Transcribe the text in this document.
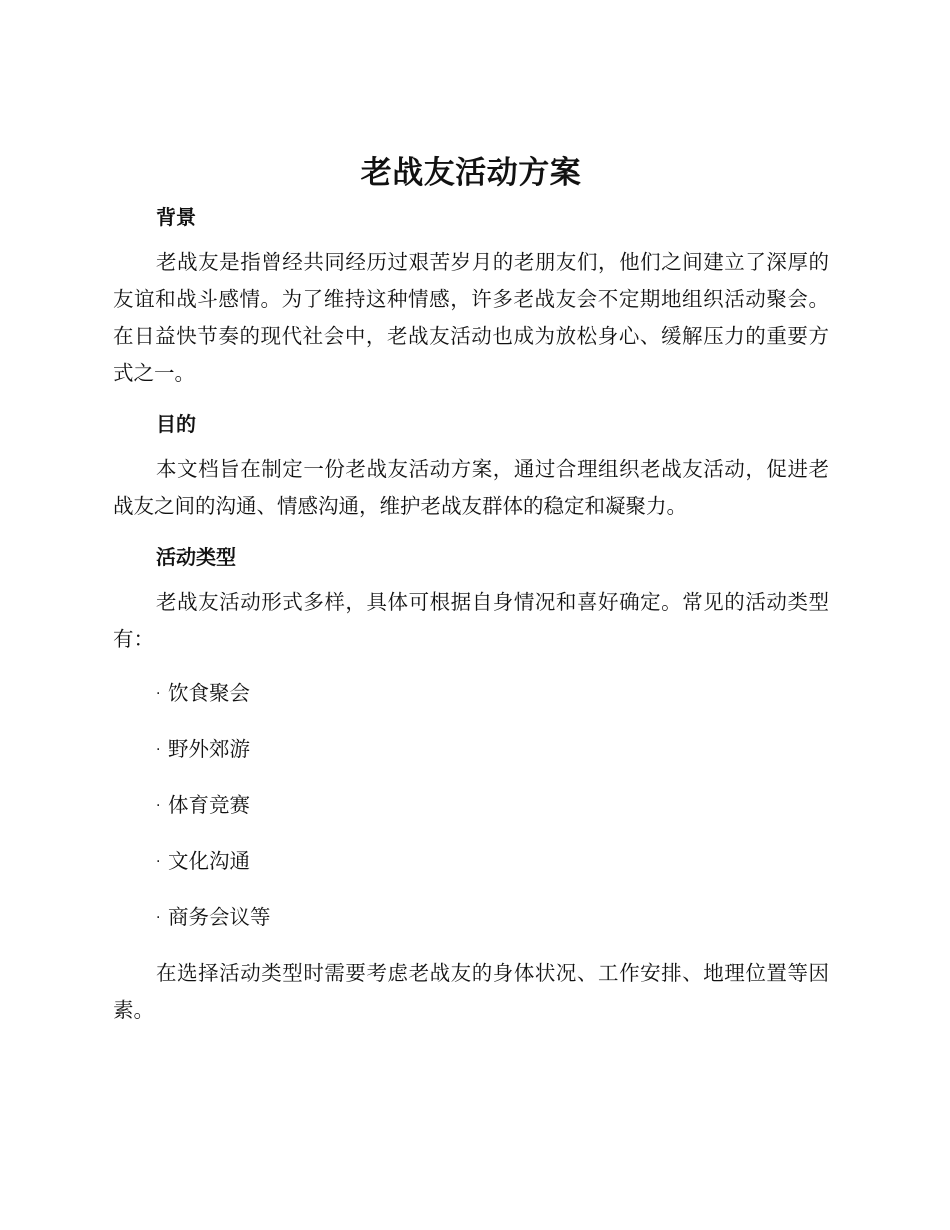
老战友活动方案
背景

老战友是指曾经共同经历过艰苦岁月的老朋友们，他们之间建立了深厚的友谊和战斗感情。为了维持这种情感，许多老战友会不定期地组织活动聚会。在日益快节奏的现代社会中，老战友活动也成为放松身心、缓解压力的重要方式之一。

目的

本文档旨在制定一份老战友活动方案，通过合理组织老战友活动，促进老战友之间的沟通、情感沟通，维护老战友群体的稳定和凝聚力。

活动类型

老战友活动形式多样，具体可根据自身情况和喜好确定。常见的活动类型有：

· 饮食聚会
· 野外郊游
· 体育竞赛
· 文化沟通
· 商务会议等

在选择活动类型时需要考虑老战友的身体状况、工作安排、地理位置等因素。
